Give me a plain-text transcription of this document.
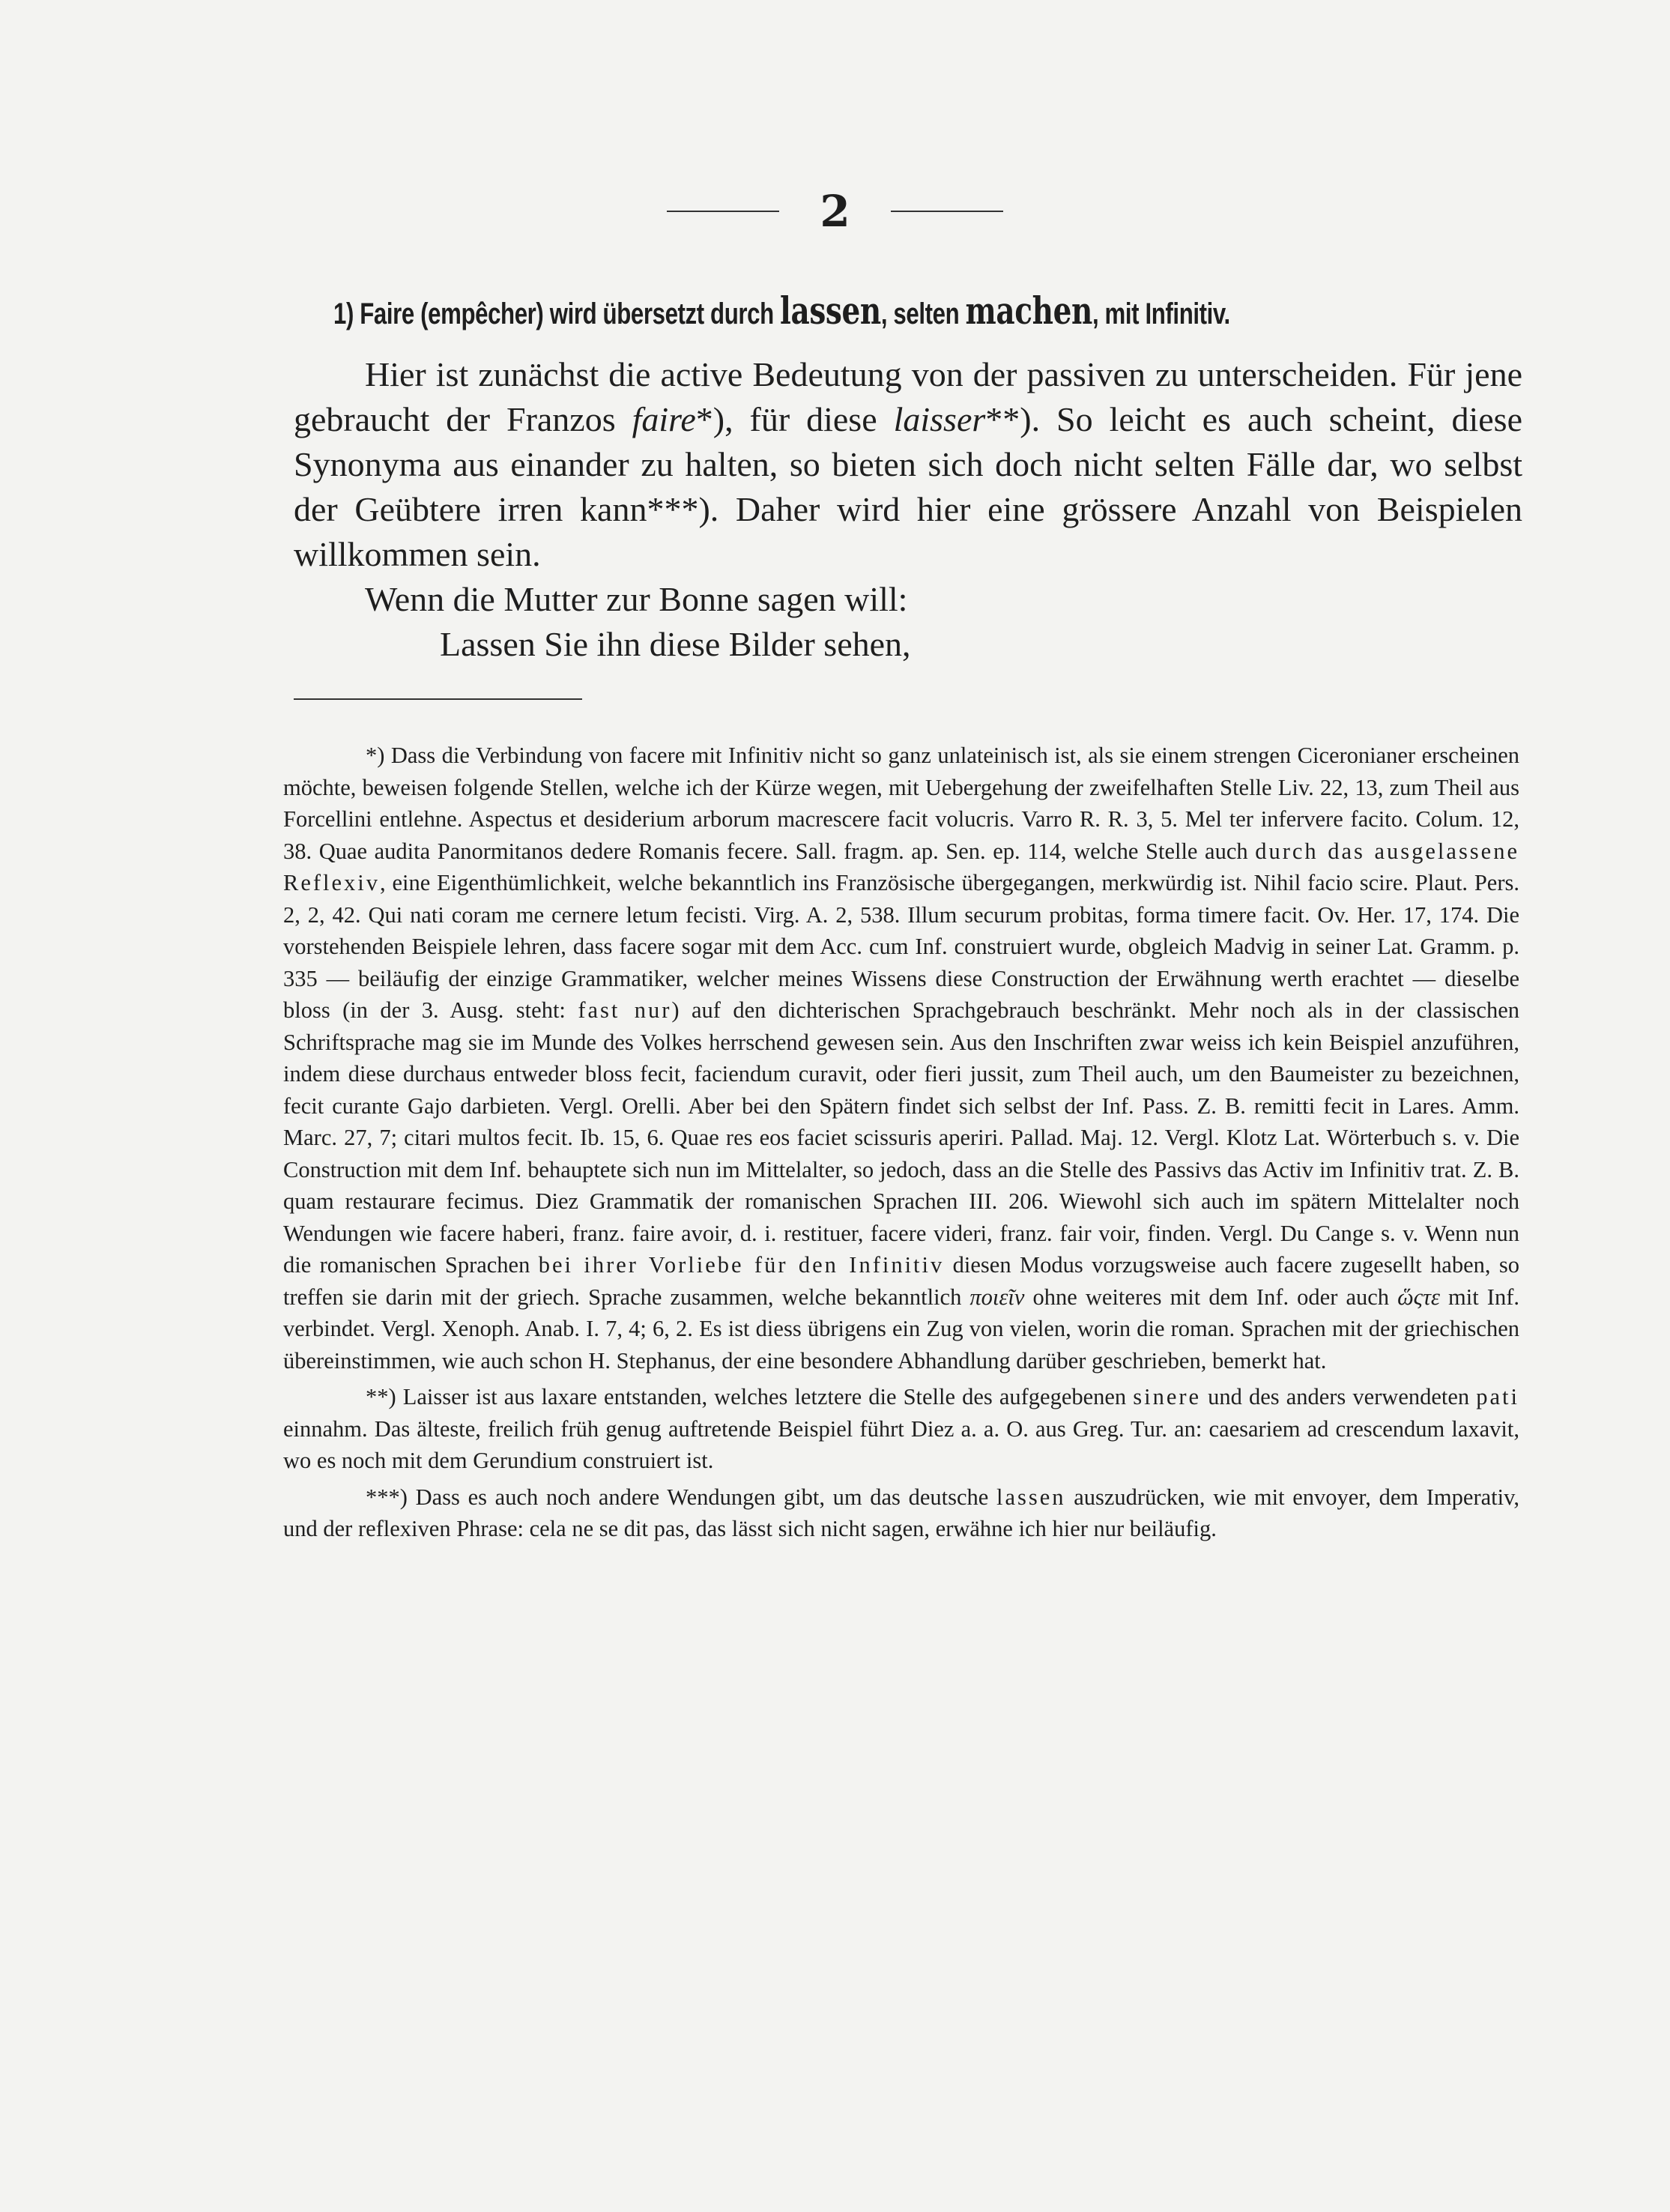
2
1) Faire (empêcher) wird übersetzt durch lassen, selten machen, mit Infinitiv.

Hier ist zunächst die active Bedeutung von der passiven zu unterscheiden. Für jene gebraucht der Franzos faire*), für diese laisser**). So leicht es auch scheint, diese Synonyma aus einander zu halten, so bieten sich doch nicht selten Fälle dar, wo selbst der Geübtere irren kann***). Daher wird hier eine grössere Anzahl von Beispielen willkommen sein.

Wenn die Mutter zur Bonne sagen will:

Lassen Sie ihn diese Bilder sehen,

*) Dass die Verbindung von facere mit Infinitiv nicht so ganz unlateinisch ist, als sie einem strengen Ciceronianer erscheinen möchte, beweisen folgende Stellen, welche ich der Kürze wegen, mit Uebergehung der zweifelhaften Stelle Liv. 22, 13, zum Theil aus Forcellini entlehne. Aspectus et desiderium arborum macrescere facit volucris. Varro R. R. 3, 5. Mel ter infervere facito. Colum. 12, 38. Quae audita Panormitanos dedere Romanis fecere. Sall. fragm. ap. Sen. ep. 114, welche Stelle auch durch das ausgelassene Reflexiv, eine Eigenthümlichkeit, welche bekanntlich ins Französische übergegangen, merkwürdig ist. Nihil facio scire. Plaut. Pers. 2, 2, 42. Qui nati coram me cernere letum fecisti. Virg. A. 2, 538. Illum securum probitas, forma timere facit. Ov. Her. 17, 174. Die vorstehenden Beispiele lehren, dass facere sogar mit dem Acc. cum Inf. construiert wurde, obgleich Madvig in seiner Lat. Gramm. p. 335 — beiläufig der einzige Grammatiker, welcher meines Wissens diese Construction der Erwähnung werth erachtet — dieselbe bloss (in der 3. Ausg. steht: fast nur) auf den dichterischen Sprachgebrauch beschränkt. Mehr noch als in der classischen Schriftsprache mag sie im Munde des Volkes herrschend gewesen sein. Aus den Inschriften zwar weiss ich kein Beispiel anzuführen, indem diese durchaus entweder bloss fecit, faciendum curavit, oder fieri jussit, zum Theil auch, um den Baumeister zu bezeichnen, fecit curante Gajo darbieten. Vergl. Orelli. Aber bei den Spätern findet sich selbst der Inf. Pass. Z. B. remitti fecit in Lares. Amm. Marc. 27, 7; citari multos fecit. Ib. 15, 6. Quae res eos faciet scissuris aperiri. Pallad. Maj. 12. Vergl. Klotz Lat. Wörterbuch s. v. Die Construction mit dem Inf. behauptete sich nun im Mittelalter, so jedoch, dass an die Stelle des Passivs das Activ im Infinitiv trat. Z. B. quam restaurare fecimus. Diez Grammatik der romanischen Sprachen III. 206. Wiewohl sich auch im spätern Mittelalter noch Wendungen wie facere haberi, franz. faire avoir, d. i. restituer, facere videri, franz. fair voir, finden. Vergl. Du Cange s. v. Wenn nun die romanischen Sprachen bei ihrer Vorliebe für den Infinitiv diesen Modus vorzugsweise auch facere zugesellt haben, so treffen sie darin mit der griech. Sprache zusammen, welche bekanntlich ποιεῖν ohne weiteres mit dem Inf. oder auch ὥςτε mit Inf. verbindet. Vergl. Xenoph. Anab. I. 7, 4; 6, 2. Es ist diess übrigens ein Zug von vielen, worin die roman. Sprachen mit der griechischen übereinstimmen, wie auch schon H. Stephanus, der eine besondere Abhandlung darüber geschrieben, bemerkt hat.

**) Laisser ist aus laxare entstanden, welches letztere die Stelle des aufgegebenen sinere und des anders verwendeten pati einnahm. Das älteste, freilich früh genug auftretende Beispiel führt Diez a. a. O. aus Greg. Tur. an: caesariem ad crescendum laxavit, wo es noch mit dem Gerundium construiert ist.

***) Dass es auch noch andere Wendungen gibt, um das deutsche lassen auszudrücken, wie mit envoyer, dem Imperativ, und der reflexiven Phrase: cela ne se dit pas, das lässt sich nicht sagen, erwähne ich hier nur beiläufig.
